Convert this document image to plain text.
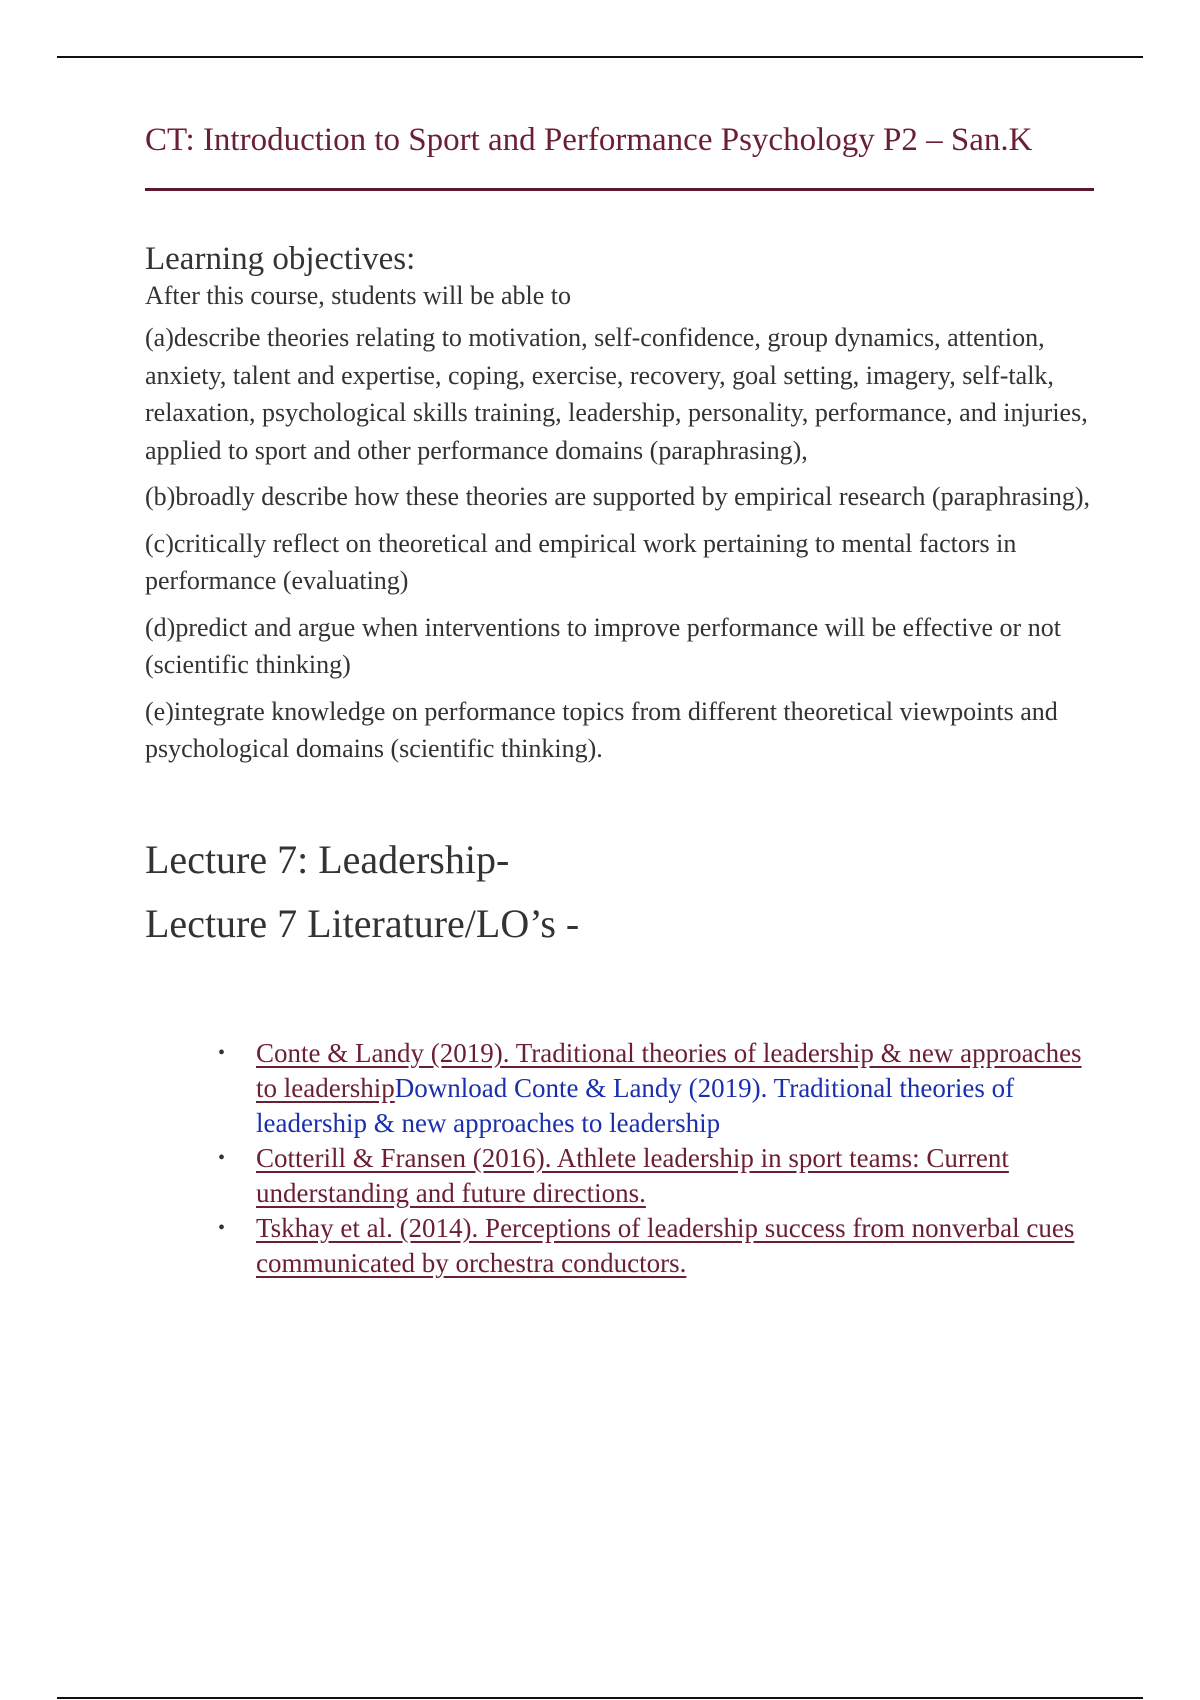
CT: Introduction to Sport and Performance Psychology P2 – San.K
Learning objectives:

After this course, students will be able to

(a)describe theories relating to motivation, self-confidence, group dynamics, attention, anxiety, talent and expertise, coping, exercise, recovery, goal setting, imagery, self-talk, relaxation, psychological skills training, leadership, personality, performance, and injuries, applied to sport and other performance domains (paraphrasing),
(b)broadly describe how these theories are supported by empirical research (paraphrasing),
(c)critically reflect on theoretical and empirical work pertaining to mental factors in performance (evaluating)
(d)predict and argue when interventions to improve performance will be effective or not (scientific thinking)
(e)integrate knowledge on performance topics from different theoretical viewpoints and psychological domains (scientific thinking).
Lecture 7: Leadership-
Lecture 7 Literature/LO’s -
• Conte & Landy (2019). Traditional theories of leadership & new approaches to leadershipDownload Conte & Landy (2019). Traditional theories of leadership & new approaches to leadership
• Cotterill & Fransen (2016). Athlete leadership in sport teams: Current understanding and future directions.
• Tskhay et al. (2014). Perceptions of leadership success from nonverbal cues communicated by orchestra conductors.
